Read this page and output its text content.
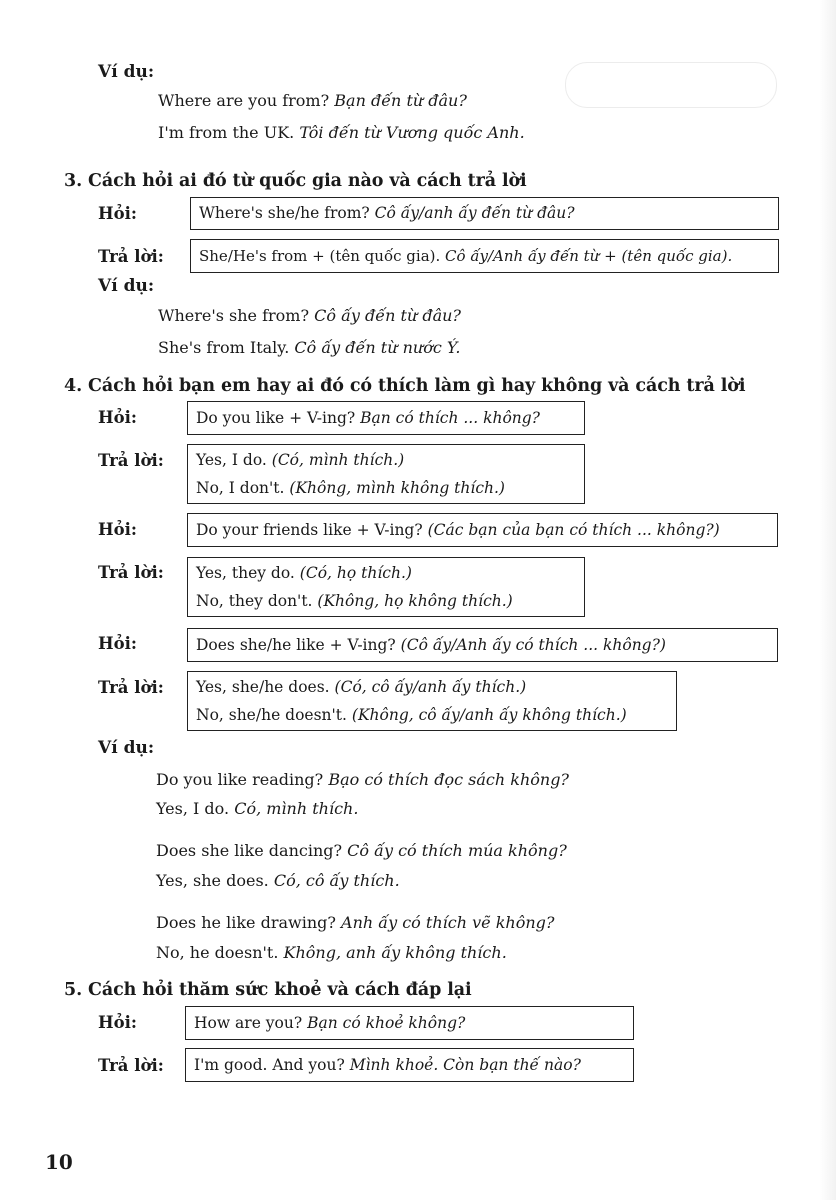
Ví dụ:
Where are you from? Bạn đến từ đâu?
I'm from the UK. Tôi đến từ Vương quốc Anh.
3. Cách hỏi ai đó từ quốc gia nào và cách trả lời
Hỏi:	Where's she/he from? Cô ấy/anh ấy đến từ đâu?
Trả lời: She/He's from + (tên quốc gia). Cô ấy/Anh ấy đến từ + (tên quốc gia).
Ví dụ:
Where's she from? Cô ấy đến từ đâu?
She's from Italy. Cô ấy đến từ nước Ý.
4. Cách hỏi bạn em hay ai đó có thích làm gì hay không và cách trả lời
Hỏi:	Do you like + V-ing? Bạn có thích ... không?
Trả lời: Yes, I do. (Có, mình thích.)
No, I don't. (Không, mình không thích.)
Hỏi:	Do your friends like + V-ing? (Các bạn của bạn có thích ... không?)
Trả lời: Yes, they do. (Có, họ thích.)
No, they don't. (Không, họ không thích.)
Hỏi:	Does she/he like + V-ing? (Cô ấy/Anh ấy có thích ... không?)
Trả lời: Yes, she/he does. (Có, cô ấy/anh ấy thích.)
No, she/he doesn't. (Không, cô ấy/anh ấy không thích.)
Ví dụ:
Do you like reading? Bạo có thích đọc sách không?
Yes, I do. Có, mình thích.
Does she like dancing? Cô ấy có thích múa không?
Yes, she does. Có, cô ấy thích.
Does he like drawing? Anh ấy có thích vẽ không?
No, he doesn't. Không, anh ấy không thích.
5. Cách hỏi thăm sức khoẻ và cách đáp lại
Hỏi:	How are you? Bạn có khoẻ không?
Trả lời: I'm good. And you? Mình khoẻ. Còn bạn thế nào?
10
